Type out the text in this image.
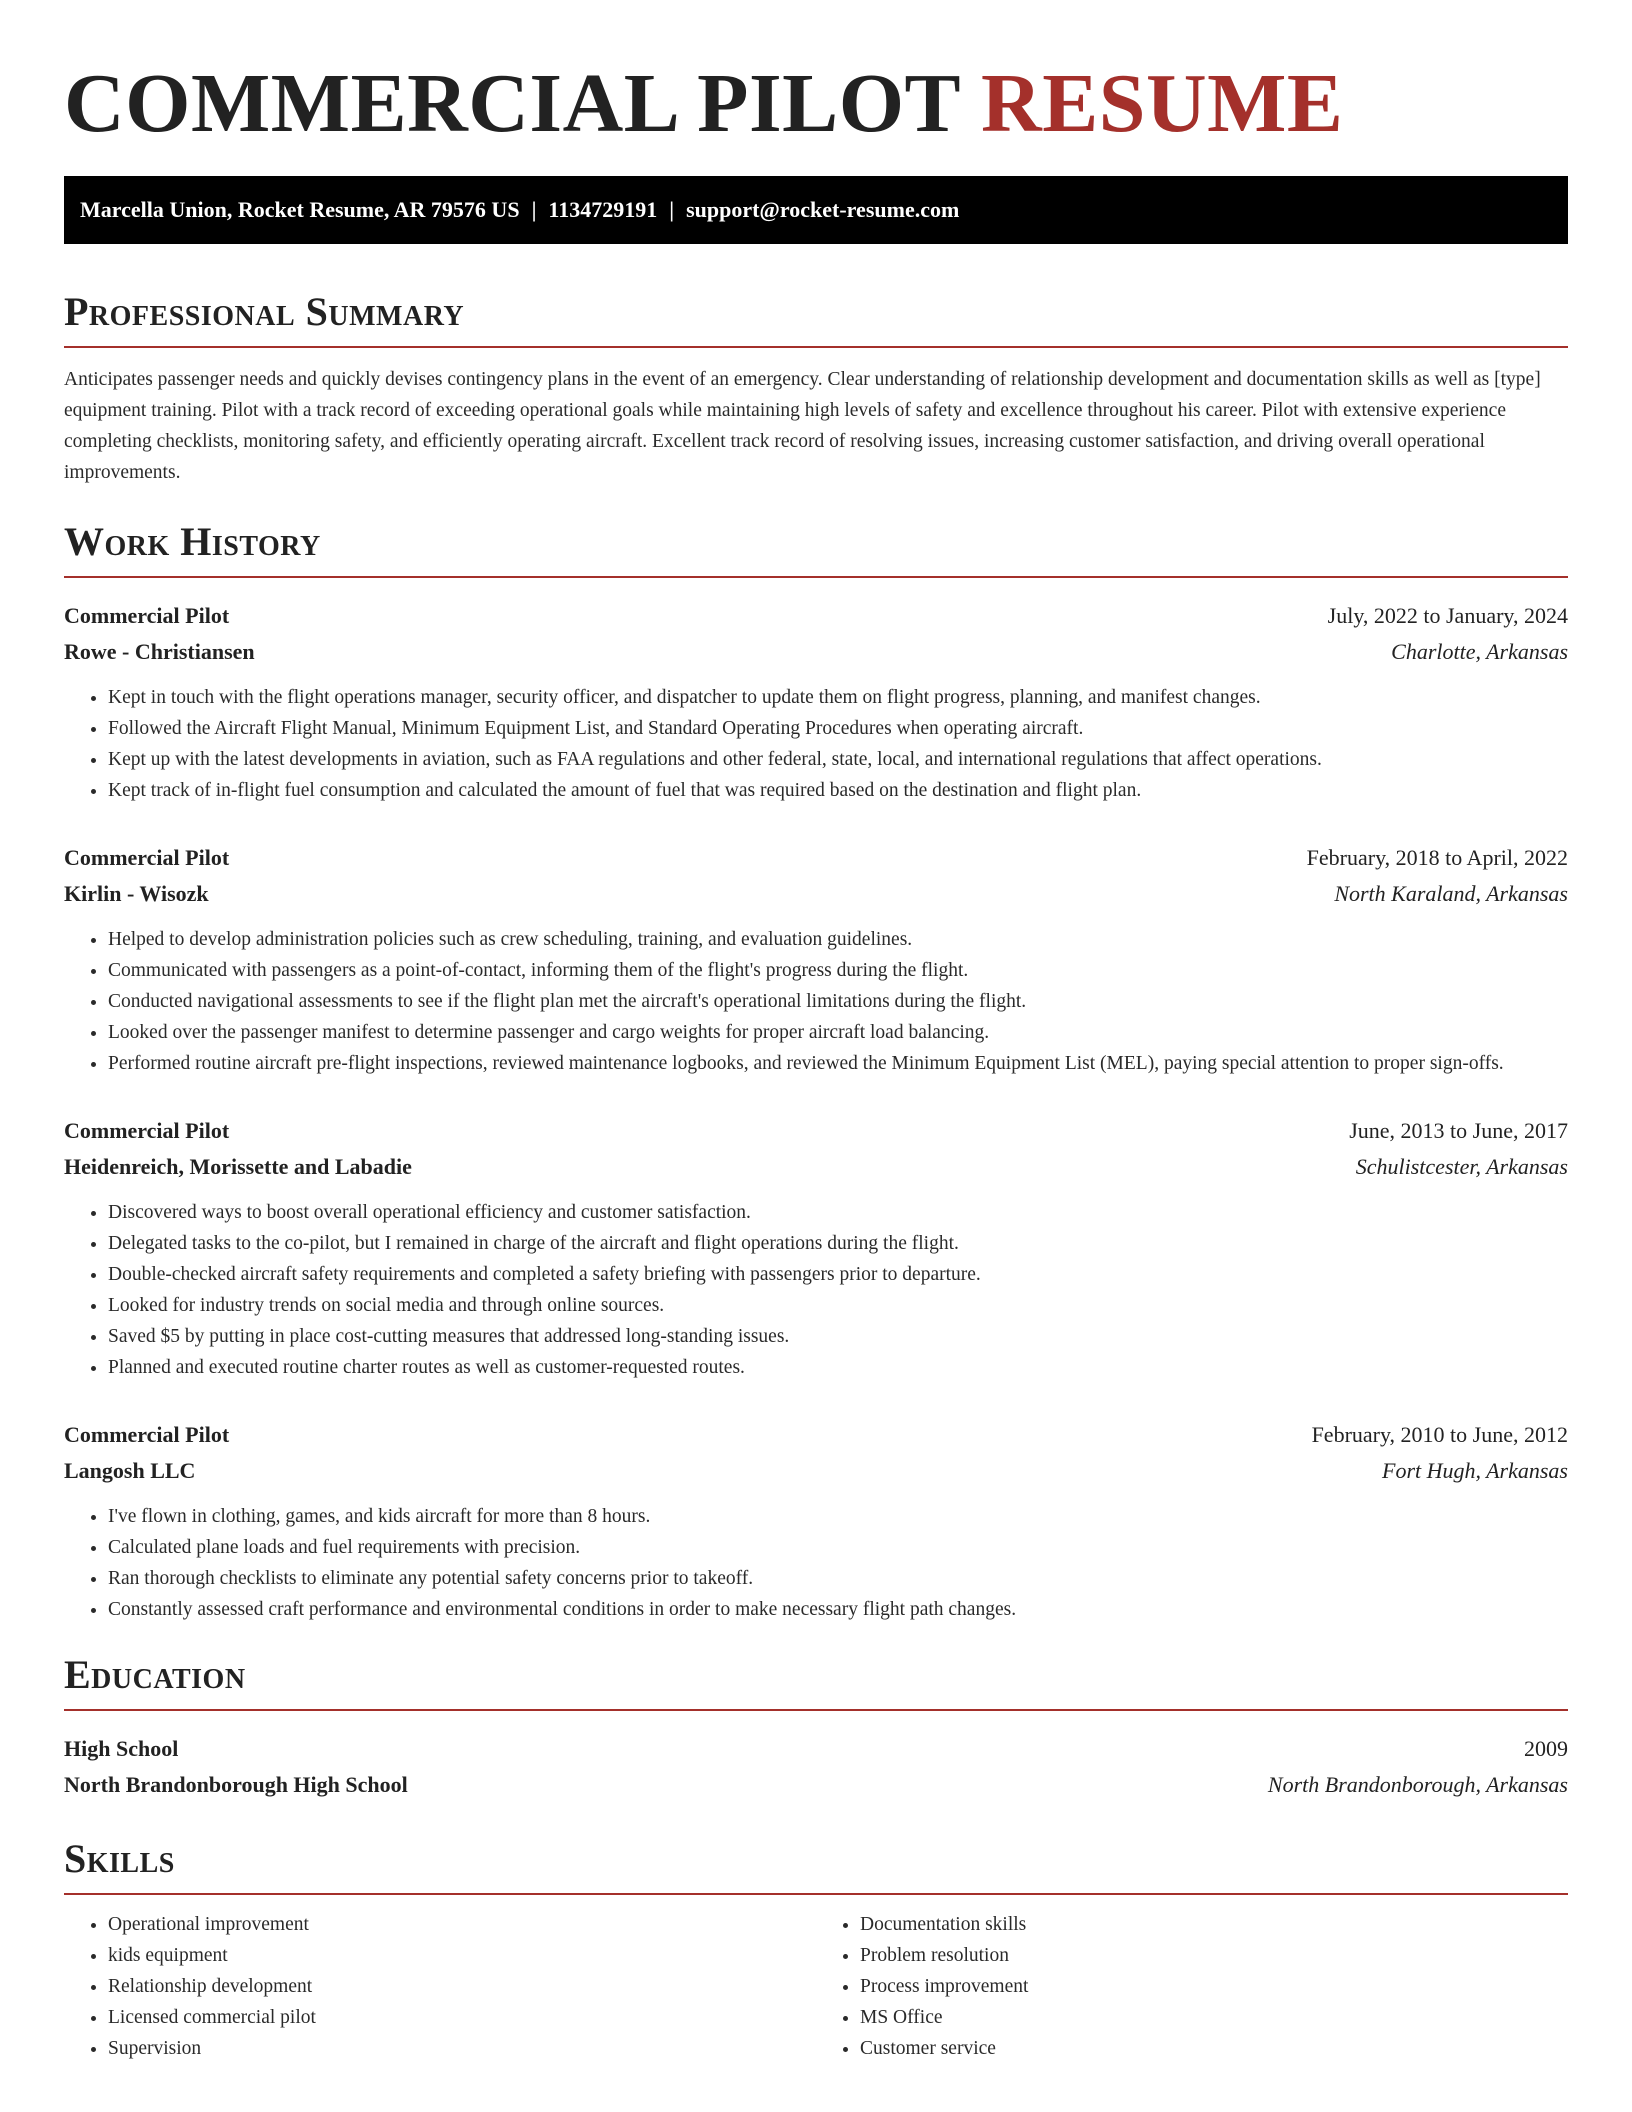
COMMERCIAL PILOT RESUME
Marcella Union, Rocket Resume, AR 79576 US | 1134729191 | support@rocket-resume.com
Professional Summary

Anticipates passenger needs and quickly devises contingency plans in the event of an emergency. Clear understanding of relationship development and documentation skills as well as [type] equipment training. Pilot with a track record of exceeding operational goals while maintaining high levels of safety and excellence throughout his career. Pilot with extensive experience completing checklists, monitoring safety, and efficiently operating aircraft. Excellent track record of resolving issues, increasing customer satisfaction, and driving overall operational improvements.

Work History
Commercial Pilot	July, 2022 to January, 2024
Rowe - Christiansen	Charlotte, Arkansas
• Kept in touch with the flight operations manager, security officer, and dispatcher to update them on flight progress, planning, and manifest changes.
• Followed the Aircraft Flight Manual, Minimum Equipment List, and Standard Operating Procedures when operating aircraft.
• Kept up with the latest developments in aviation, such as FAA regulations and other federal, state, local, and international regulations that affect operations.
• Kept track of in-flight fuel consumption and calculated the amount of fuel that was required based on the destination and flight plan.
Commercial Pilot	February, 2018 to April, 2022
Kirlin - Wisozk	North Karaland, Arkansas
• Helped to develop administration policies such as crew scheduling, training, and evaluation guidelines.
• Communicated with passengers as a point-of-contact, informing them of the flight's progress during the flight.
• Conducted navigational assessments to see if the flight plan met the aircraft's operational limitations during the flight.
• Looked over the passenger manifest to determine passenger and cargo weights for proper aircraft load balancing.
• Performed routine aircraft pre-flight inspections, reviewed maintenance logbooks, and reviewed the Minimum Equipment List (MEL), paying special attention to proper sign-offs.
Commercial Pilot	June, 2013 to June, 2017
Heidenreich, Morissette and Labadie	Schulistcester, Arkansas
• Discovered ways to boost overall operational efficiency and customer satisfaction.
• Delegated tasks to the co-pilot, but I remained in charge of the aircraft and flight operations during the flight.
• Double-checked aircraft safety requirements and completed a safety briefing with passengers prior to departure.
• Looked for industry trends on social media and through online sources.
• Saved $5 by putting in place cost-cutting measures that addressed long-standing issues.
• Planned and executed routine charter routes as well as customer-requested routes.
Commercial Pilot	February, 2010 to June, 2012
Langosh LLC	Fort Hugh, Arkansas
• I've flown in clothing, games, and kids aircraft for more than 8 hours.
• Calculated plane loads and fuel requirements with precision.
• Ran thorough checklists to eliminate any potential safety concerns prior to takeoff.
• Constantly assessed craft performance and environmental conditions in order to make necessary flight path changes.
Education
High School	2009
North Brandonborough High School	North Brandonborough, Arkansas
Skills
• Operational improvement
• kids equipment
• Relationship development
• Licensed commercial pilot
• Supervision
• Documentation skills
• Problem resolution
• Process improvement
• MS Office
• Customer service
